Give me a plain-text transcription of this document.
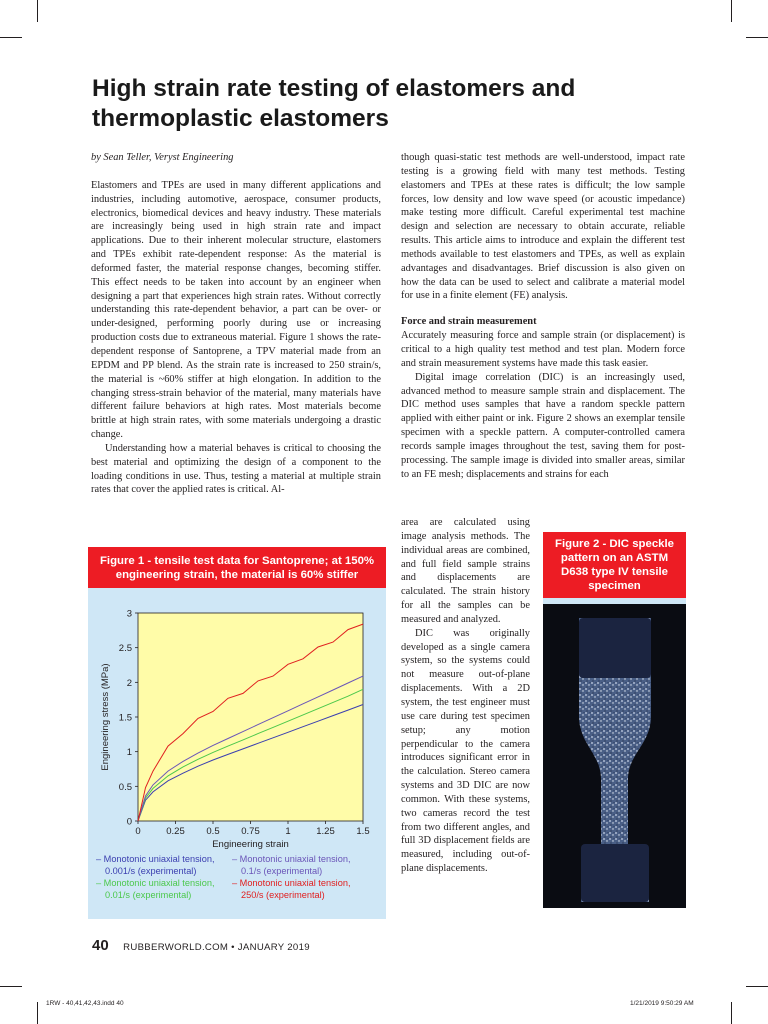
High strain rate testing of elastomers and thermoplastic elastomers

by Sean Teller, Veryst Engineering

Elastomers and TPEs are used in many different applications and industries, including automotive, aerospace, consumer products, electronics, biomedical devices and heavy industry. These materials are increasingly being used in high strain rate and impact applications. Due to their inherent molecular structure, elastomers and TPEs exhibit rate-dependent response: As the material is deformed faster, the material response changes, becoming stiffer. This effect needs to be taken into account by an engineer when designing a part that experiences high strain rates. Without correctly understanding this rate-dependent behavior, a part can be over- or under-designed, performing poorly during use or increasing production costs due to extraneous material. Figure 1 shows the rate-dependent response of Santoprene, a TPV material made from an EPDM and PP blend. As the strain rate is increased to 250 strain/s, the material is ~60% stiffer at high elongation. In addition to the changing stress-strain behavior of the material, many materials have different failure behaviors at high rates. Most materials become brittle at high strain rates, with some materials undergoing a drastic change.

Understanding how a material behaves is critical to choosing the best material and optimizing the design of a component to the loading conditions in use. Thus, testing a material at multiple strain rates that cover the applied rates is critical. Al-

though quasi-static test methods are well-understood, impact rate testing is a growing field with many test methods. Testing elastomers and TPEs at these rates is difficult; the low sample forces, low density and low wave speed (or acoustic impedance) make testing more difficult. Careful experimental test machine design and selection are necessary to obtain accurate, reliable results. This article aims to introduce and explain the different test methods available to test elastomers and TPEs, as well as explain advantages and disadvantages. Brief discussion is also given on how the data can be used to select and calibrate a material model for use in a finite element (FE) analysis.

Force and strain measurement

Accurately measuring force and sample strain (or displacement) is critical to a high quality test method and test plan. Modern force and strain measurement systems have made this task easier.

Digital image correlation (DIC) is an increasingly used, advanced method to measure sample strain and displacement. The DIC method uses samples that have a random speckle pattern applied with either paint or ink. Figure 2 shows an exemplar tensile specimen with a speckle pattern. A computer-controlled camera records sample images throughout the test, saving them for post-processing. The sample image is divided into smaller areas, similar to an FE mesh; displacements and strains for each

area are calculated using image analysis methods. The individual areas are combined, and full field sample strains and displacements are calculated. The strain history for all the samples can be measured and analyzed.

DIC was originally developed as a single camera system, so the systems could not measure out-of-plane displacements. With a 2D system, the test engineer must use care during test specimen setup; any motion perpendicular to the camera introduces significant error in the calculation. Stereo camera systems and 3D DIC are now common. With these systems, two cameras record the test from two different angles, and full 3D displacement fields are measured, including out-of-plane displacements.

Figure 1 - tensile test data for Santoprene; at 150% engineering strain, the material is 60% stiffer
0	0.25 0.5 0.75	1	1.25 1.5
0
0.5
1
1.5
2
2.5
3
Engineering strain
Engineering stress (MPa)
– Monotonic uniaxial tension,
0.001/s (experimental)
– Monotonic uniaxial tension,
0.1/s (experimental)
– Monotonic uniaxial tension,
0.01/s (experimental)
– Monotonic uniaxial tension,
250/s (experimental)
Figure 2 - DIC speckle pattern on an ASTM D638 type IV tensile specimen
40 RUBBERWORLD.COM • JANUARY 2019
1RW - 40,41,42,43.indd 40	1/21/2019 9:50:29 AM
